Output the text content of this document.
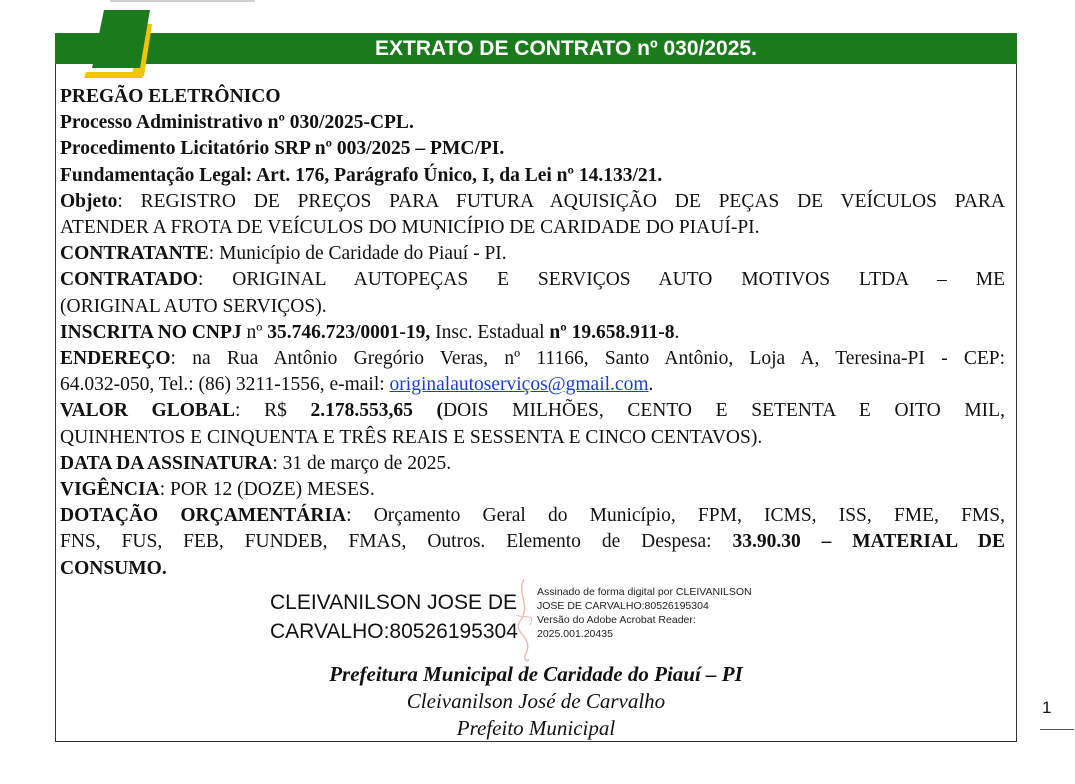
EXTRATO DE CONTRATO nº 030/2025.

PREGÃO ELETRÔNICO

Processo Administrativo nº 030/2025-CPL.

Procedimento Licitatório SRP nº 003/2025 – PMC/PI.

Fundamentação Legal: Art. 176, Parágrafo Único, I, da Lei nº 14.133/21.

Objeto: REGISTRO DE PREÇOS PARA FUTURA AQUISIÇÃO DE PEÇAS DE VEÍCULOS PARA

ATENDER A FROTA DE VEÍCULOS DO MUNICÍPIO DE CARIDADE DO PIAUÍ-PI.

CONTRATANTE: Município de Caridade do Piauí - PI.

CONTRATADO: ORIGINAL AUTOPEÇAS E SERVIÇOS AUTO MOTIVOS LTDA – ME

(ORIGINAL AUTO SERVIÇOS).

INSCRITA NO CNPJ nº 35.746.723/0001-19, Insc. Estadual nº 19.658.911-8.

ENDEREÇO: na Rua Antônio Gregório Veras, nº 11166, Santo Antônio, Loja A, Teresina-PI - CEP:

64.032-050, Tel.: (86) 3211-1556, e-mail: originalautoserviços@gmail.com.

VALOR GLOBAL: R$ 2.178.553,65 (DOIS MILHÕES, CENTO E SETENTA E OITO MIL,

QUINHENTOS E CINQUENTA E TRÊS REAIS E SESSENTA E CINCO CENTAVOS).

DATA DA ASSINATURA: 31 de março de 2025.

VIGÊNCIA: POR 12 (DOZE) MESES.

DOTAÇÃO ORÇAMENTÁRIA: Orçamento Geral do Município, FPM, ICMS, ISS, FME, FMS,

FNS, FUS, FEB, FUNDEB, FMAS, Outros. Elemento de Despesa: 33.90.30 – MATERIAL DE

CONSUMO.

CLEIVANILSON JOSE DE
CARVALHO:80526195304
Assinado de forma digital por CLEIVANILSON
JOSE DE CARVALHO:80526195304
Versão do Adobe Acrobat Reader:
2025.001.20435
Prefeitura Municipal de Caridade do Piauí – PI
Cleivanilson José de Carvalho
Prefeito Municipal
1
